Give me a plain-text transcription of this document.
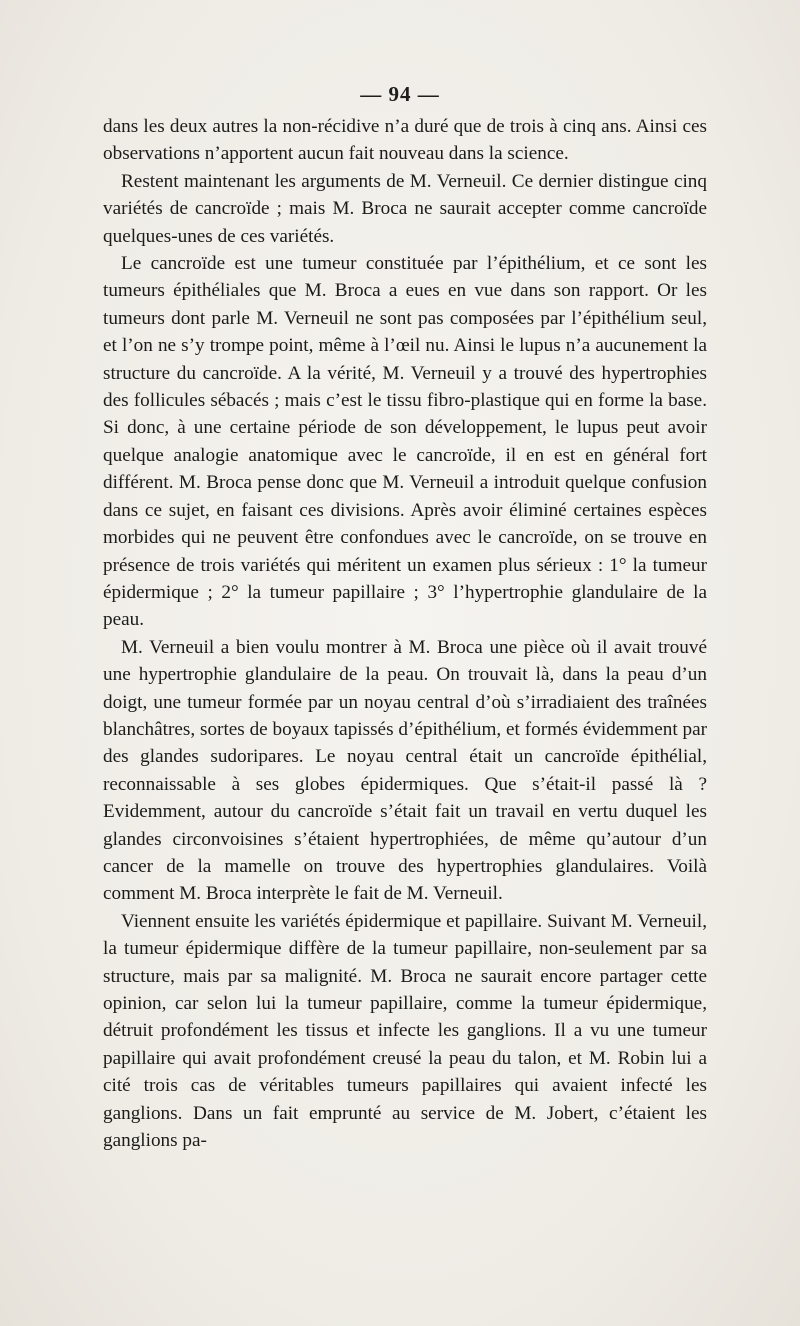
— 94 —

dans les deux autres la non-récidive n’a duré que de trois à cinq ans. Ainsi ces observations n’apportent aucun fait nouveau dans la science.

Restent maintenant les arguments de M. Verneuil. Ce dernier distingue cinq variétés de cancroïde ; mais M. Broca ne saurait accepter comme cancroïde quelques-unes de ces variétés.

Le cancroïde est une tumeur constituée par l’épithélium, et ce sont les tumeurs épithéliales que M. Broca a eues en vue dans son rapport. Or les tumeurs dont parle M. Verneuil ne sont pas composées par l’épithélium seul, et l’on ne s’y trompe point, même à l’œil nu. Ainsi le lupus n’a aucunement la structure du cancroïde. A la vérité, M. Verneuil y a trouvé des hypertrophies des follicules sébacés ; mais c’est le tissu fibro-plastique qui en forme la base. Si donc, à une certaine période de son développement, le lupus peut avoir quelque analogie anatomique avec le cancroïde, il en est en général fort différent. M. Broca pense donc que M. Verneuil a introduit quelque confusion dans ce sujet, en faisant ces divisions. Après avoir éliminé certaines espèces morbides qui ne peuvent être confondues avec le cancroïde, on se trouve en présence de trois variétés qui méritent un examen plus sérieux : 1° la tumeur épidermique ; 2° la tumeur papillaire ; 3° l’hypertrophie glandulaire de la peau.

M. Verneuil a bien voulu montrer à M. Broca une pièce où il avait trouvé une hypertrophie glandulaire de la peau. On trouvait là, dans la peau d’un doigt, une tumeur formée par un noyau central d’où s’irradiaient des traînées blanchâtres, sortes de boyaux tapissés d’épithélium, et formés évidemment par des glandes sudoripares. Le noyau central était un cancroïde épithélial, reconnaissable à ses globes épidermiques. Que s’était-il passé là ? Evidemment, autour du cancroïde s’était fait un travail en vertu duquel les glandes circonvoisines s’étaient hypertrophiées, de même qu’autour d’un cancer de la mamelle on trouve des hypertrophies glandulaires. Voilà comment M. Broca interprète le fait de M. Verneuil.

Viennent ensuite les variétés épidermique et papillaire. Suivant M. Verneuil, la tumeur épidermique diffère de la tumeur papillaire, non-seulement par sa structure, mais par sa malignité. M. Broca ne saurait encore partager cette opinion, car selon lui la tumeur papillaire, comme la tumeur épidermique, détruit profondément les tissus et infecte les ganglions. Il a vu une tumeur papillaire qui avait profondément creusé la peau du talon, et M. Robin lui a cité trois cas de véritables tumeurs papillaires qui avaient infecté les ganglions. Dans un fait emprunté au service de M. Jobert, c’étaient les ganglions pa-
